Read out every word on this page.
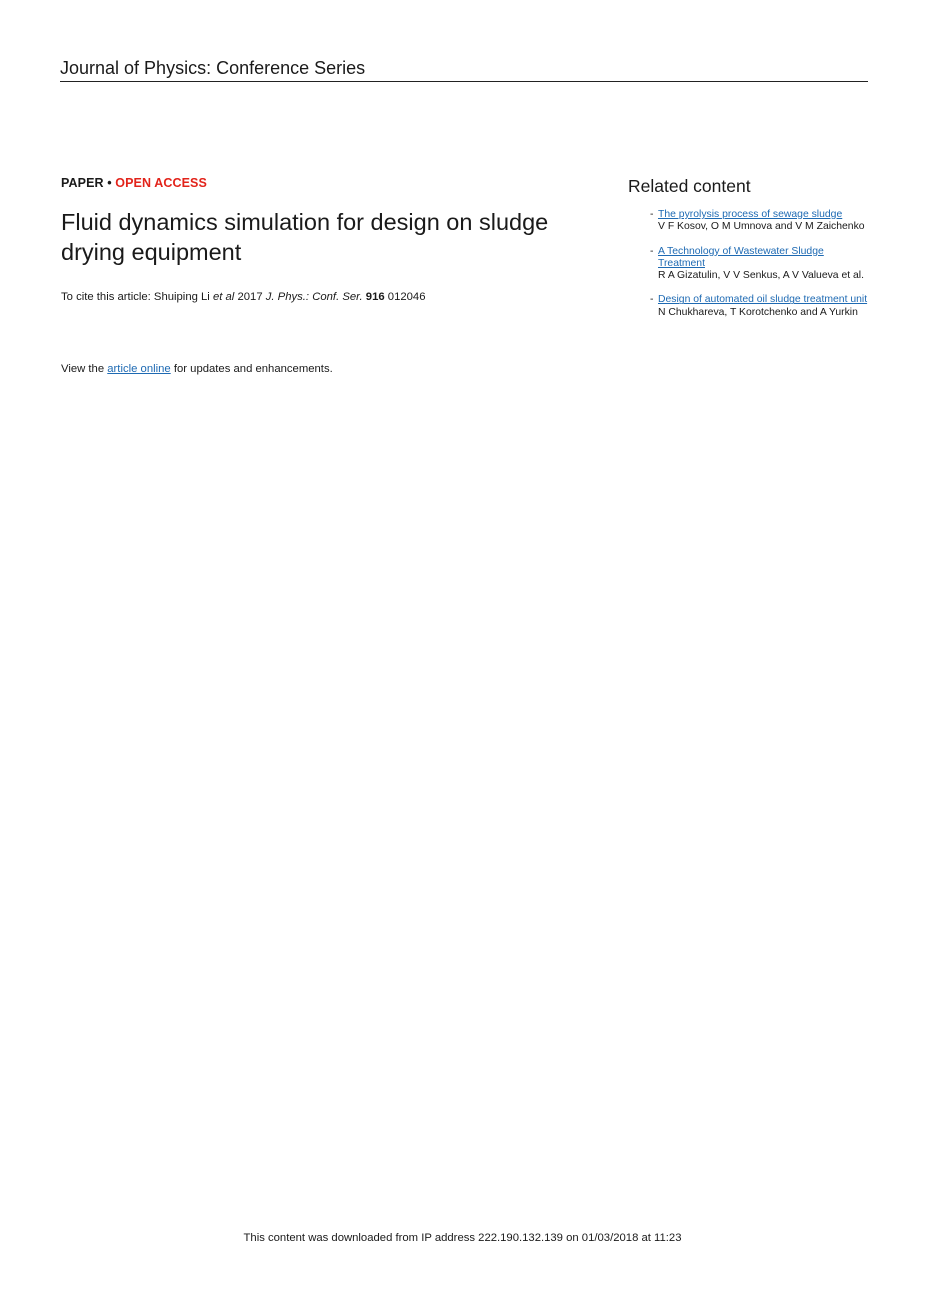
Journal of Physics: Conference Series
PAPER • OPEN ACCESS
Fluid dynamics simulation for design on sludge
drying equipment
To cite this article: Shuiping Li et al 2017 J. Phys.: Conf. Ser. 916 012046
View the article online for updates and enhancements.
Related content
- The pyrolysis process of sewage sludge
V F Kosov, O M Umnova and V M Zaichenko
- A Technology of Wastewater Sludge Treatment
R A Gizatulin, V V Senkus, A V Valueva et al.
- Design of automated oil sludge treatment unit
N Chukhareva, T Korotchenko and A Yurkin
This content was downloaded from IP address 222.190.132.139 on 01/03/2018 at 11:23
